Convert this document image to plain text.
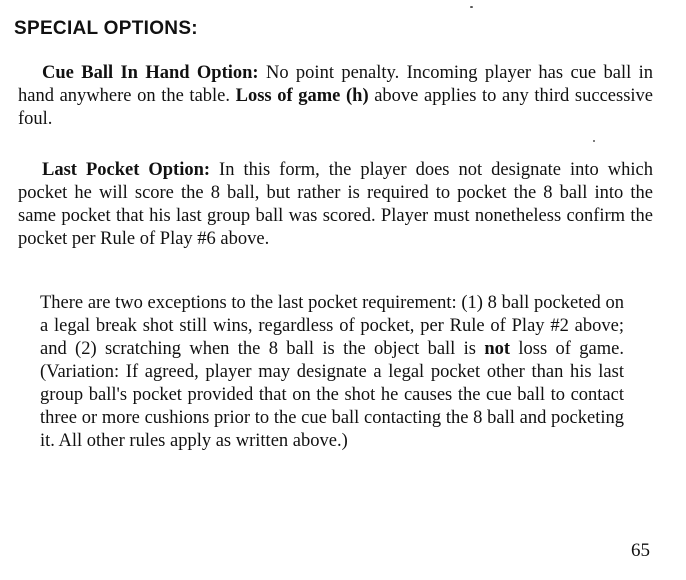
SPECIAL OPTIONS:
Cue Ball In Hand Option: No point penalty. Incoming player has cue ball in hand anywhere on the table. Loss of game (h) above applies to any third successive foul.
Last Pocket Option: In this form, the player does not designate into which pocket he will score the 8 ball, but rather is required to pocket the 8 ball into the same pocket that his last group ball was scored. Player must nonetheless confirm the pocket per Rule of Play #6 above.
There are two exceptions to the last pocket requirement: (1) 8 ball pocketed on a legal break shot still wins, regardless of pocket, per Rule of Play #2 above; and (2) scratching when the 8 ball is the object ball is not loss of game. (Variation: If agreed, player may designate a legal pocket other than his last group ball's pocket provided that on the shot he causes the cue ball to contact three or more cushions prior to the cue ball contacting the 8 ball and pocketing it. All other rules apply as written above.)
65
